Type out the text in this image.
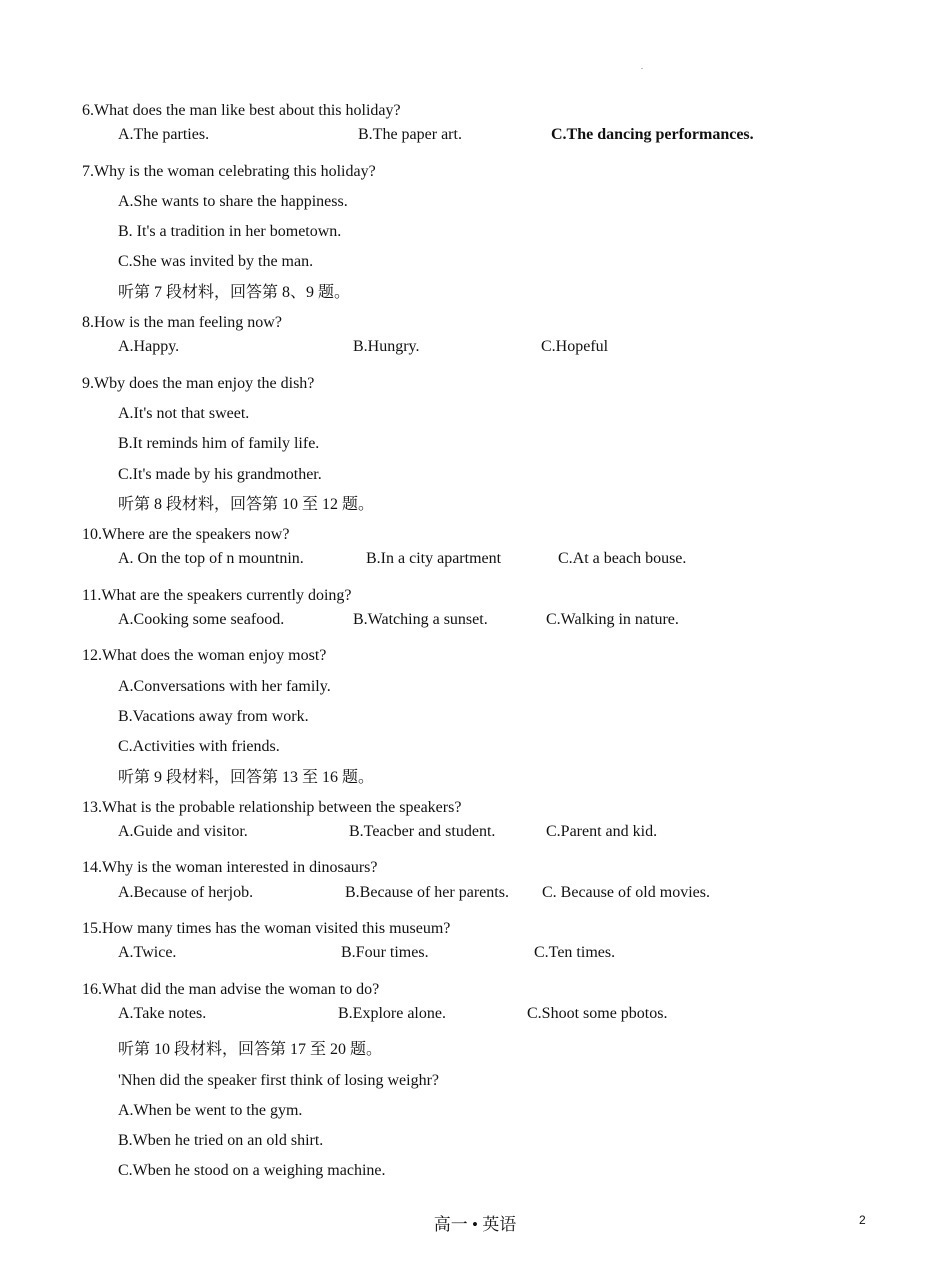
.
6.What does the man like best about this holiday?
A.The parties.	B.The paper art.	C.The dancing performances.
7.Why is the woman celebrating this holiday?
A.She wants to share the happiness.
B. It's a tradition in her bometown.
C.She was invited by the man.
听第 7 段材料，回答第 8、9 题。
8.How is the man feeling now?
A.Happy.	B.Hungry.	C.Hopeful
9.Wby does the man enjoy the dish?
A.It's not that sweet.
B.It reminds him of family life.
C.It's made by his grandmother.
听第 8 段材料，回答第 10 至 12 题。
10.Where are the speakers now?
A. On the top of n mountnin.	B.In a city apartment	C.At a beach bouse.
11.What are the speakers currently doing?
A.Cooking some seafood.	B.Watching a sunset.	C.Walking in nature.
12.What does the woman enjoy most?
A.Conversations with her family.
B.Vacations away from work.
C.Activities with friends.
听第 9 段材料，回答第 13 至 16 题。
13.What is the probable relationship between the speakers?
A.Guide and visitor.	B.Teacber and student.	C.Parent and kid.
14.Why is the woman interested in dinosaurs?
A.Because of herjob.	B.Because of her parents. C. Because of old movies.
15.How many times has the woman visited this museum?
A.Twice.	B.Four times.	C.Ten times.
16.What did the man advise the woman to do?
A.Take notes.	B.Explore alone.	C.Shoot some pbotos.
听第 10 段材料，回答第 17 至 20 题。
'Nhen did the speaker first think of losing weighr?
A.When be went to the gym.
B.Wben he tried on an old shirt.
C.Wben he stood on a weighing machine.
高一 • 英语	2
